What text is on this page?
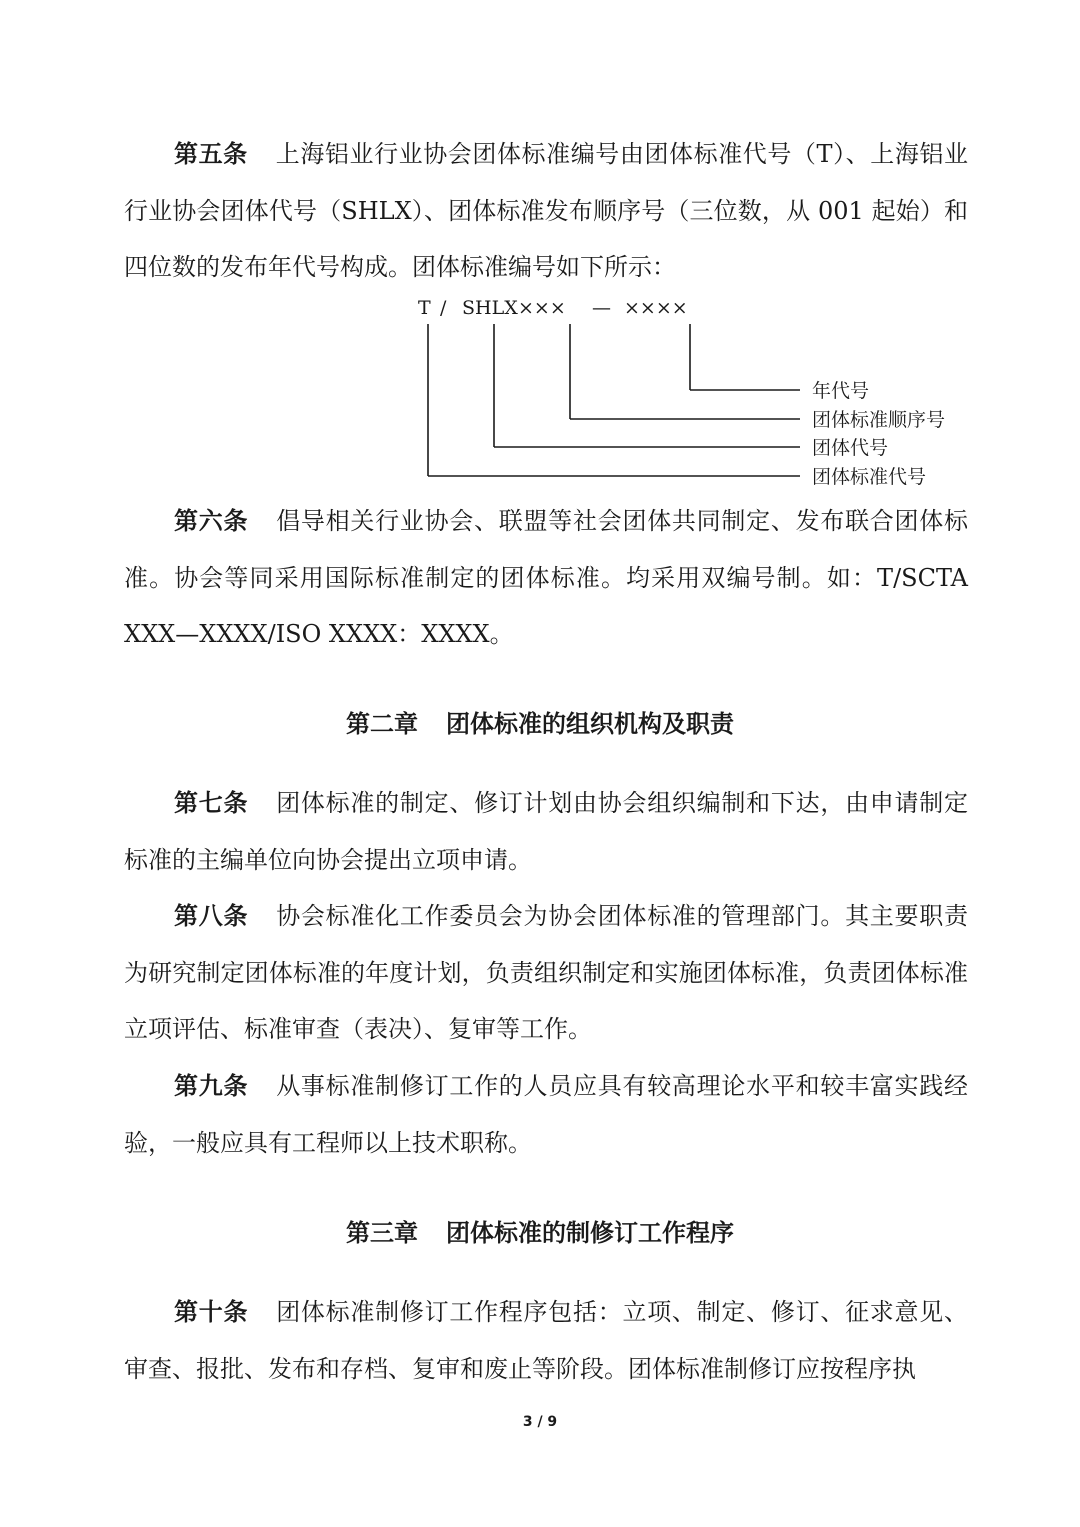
第五条 上海铝业行业协会团体标准编号由团体标准代号（T）、上海铝业行业协会团体代号（SHLX）、团体标准发布顺序号（三位数，从 001 起始）和四位数的发布年代号构成。团体标准编号如下所示：

T / SHLX ××× — ××××
年代号
团体标准顺序号
团体代号
团体标准代号

第六条 倡导相关行业协会、联盟等社会团体共同制定、发布联合团体标准。协会等同采用国际标准制定的团体标准。均采用双编号制。如：T/SCTA XXX—XXXX/ISO XXXX：XXXX。

第二章 团体标准的组织机构及职责

第七条 团体标准的制定、修订计划由协会组织编制和下达，由申请制定标准的主编单位向协会提出立项申请。

第八条 协会标准化工作委员会为协会团体标准的管理部门。其主要职责为研究制定团体标准的年度计划，负责组织制定和实施团体标准，负责团体标准立项评估、标准审查（表决）、复审等工作。

第九条 从事标准制修订工作的人员应具有较高理论水平和较丰富实践经验，一般应具有工程师以上技术职称。

第三章 团体标准的制修订工作程序

第十条 团体标准制修订工作程序包括：立项、制定、修订、征求意见、审查、报批、发布和存档、复审和废止等阶段。团体标准制修订应按程序执

3 / 9
